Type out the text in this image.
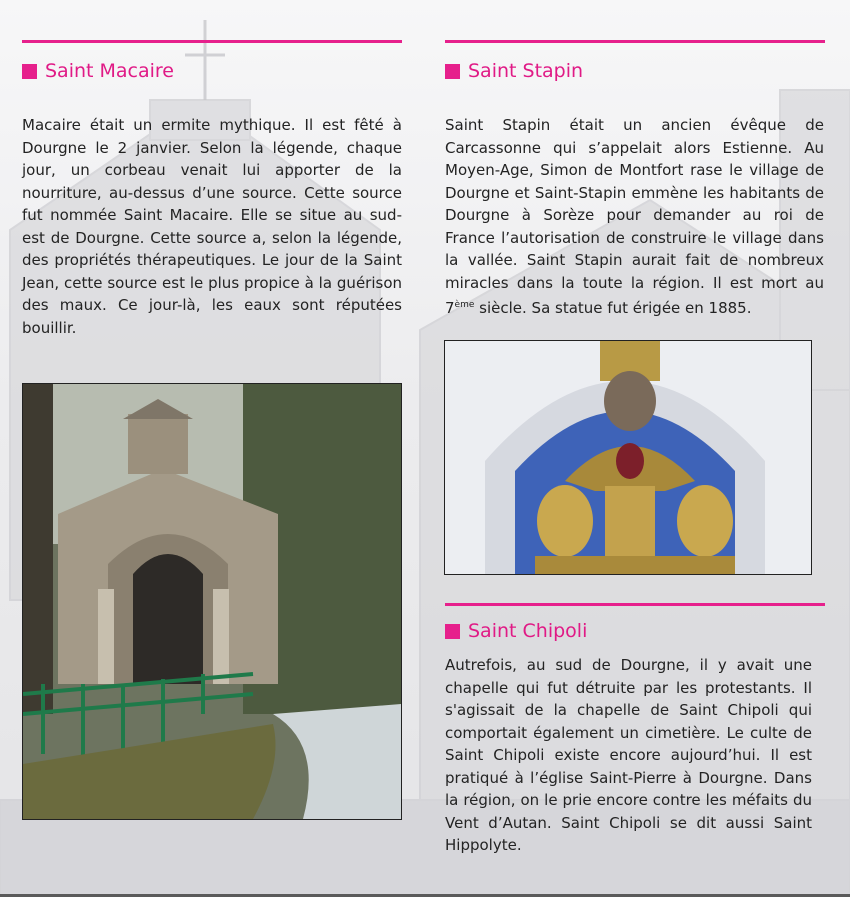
Saint Macaire
Macaire était un ermite mythique. Il est fêté à Dourgne le 2 janvier. Selon la légende, chaque jour, un corbeau venait lui apporter de la nourriture, au-dessus d’une source. Cette source fut nommée Saint Macaire. Elle se situe au sud-est de Dourgne. Cette source a, selon la légende, des propriétés thérapeutiques. Le jour de la Saint Jean, cette source est le plus propice à la guérison des maux. Ce jour-là, les eaux sont réputées bouillir.
Saint Stapin
Saint Stapin était un ancien évêque de Carcassonne qui s’appelait alors Estienne. Au Moyen-Age, Simon de Montfort rase le village de Dourgne et Saint-Stapin emmène les habitants de Dourgne à Sorèze pour demander au roi de France l’autorisation de construire le village dans la vallée. Saint Stapin aurait fait de nombreux miracles dans la toute la région. Il est mort au 7ème siècle. Sa statue fut érigée en 1885.
Saint Chipoli
Autrefois, au sud de Dourgne, il y avait une chapelle qui fut détruite par les protestants. Il s'agissait de la chapelle de Saint Chipoli qui comportait également un cimetière. Le culte de Saint Chipoli existe encore aujourd’hui. Il est pratiqué à l’église Saint-Pierre à Dourgne. Dans la région, on le prie encore contre les méfaits du Vent d’Autan. Saint Chipoli se dit aussi Saint Hippolyte.
